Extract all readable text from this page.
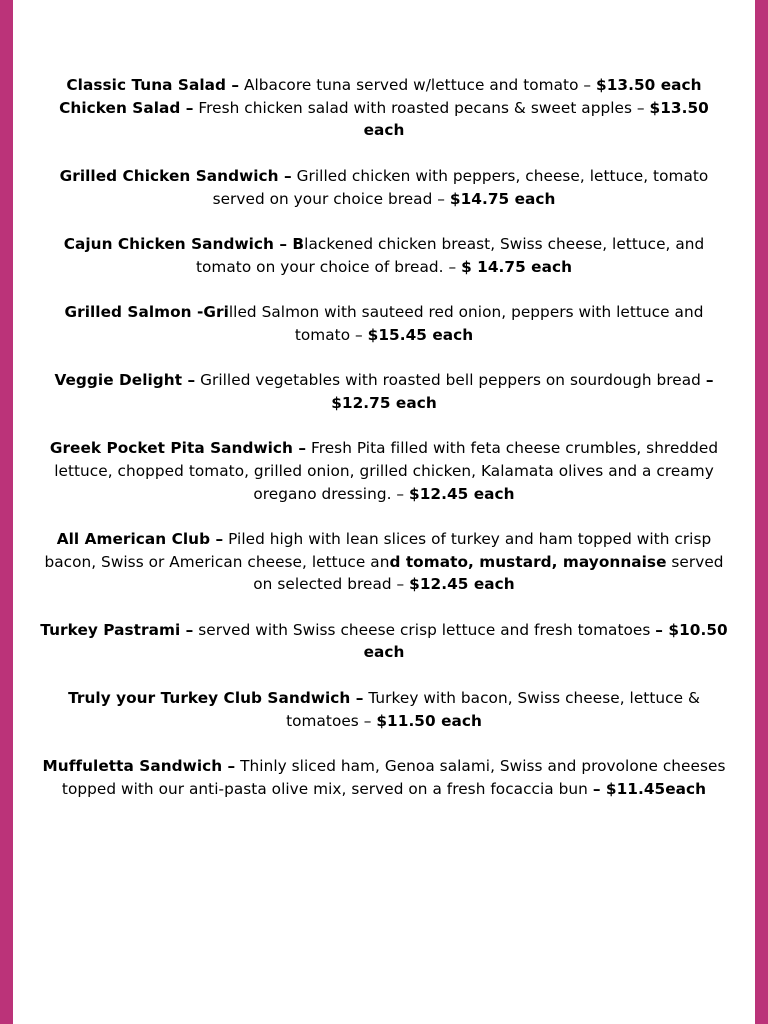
Classic Tuna Salad – Albacore tuna served w/lettuce and tomato – $13.50 each

Chicken Salad – Fresh chicken salad with roasted pecans & sweet apples – $13.50 each

Grilled Chicken Sandwich – Grilled chicken with peppers, cheese, lettuce, tomato served on your choice bread – $14.75 each

Cajun Chicken Sandwich – Blackened chicken breast, Swiss cheese, lettuce, and tomato on your choice of bread. – $ 14.75 each

Grilled Salmon -Grilled Salmon with sauteed red onion, peppers with lettuce and tomato – $15.45 each

Veggie Delight – Grilled vegetables with roasted bell peppers on sourdough bread – $12.75 each

Greek Pocket Pita Sandwich – Fresh Pita filled with feta cheese crumbles, shredded lettuce, chopped tomato, grilled onion, grilled chicken, Kalamata olives and a creamy oregano dressing. – $12.45 each

All American Club – Piled high with lean slices of turkey and ham topped with crisp bacon, Swiss or American cheese, lettuce and tomato, mustard, mayonnaise served on selected bread – $12.45 each

Turkey Pastrami – served with Swiss cheese crisp lettuce and fresh tomatoes – $10.50 each

Truly your Turkey Club Sandwich – Turkey with bacon, Swiss cheese, lettuce & tomatoes – $11.50 each

Muffuletta Sandwich – Thinly sliced ham, Genoa salami, Swiss and provolone cheeses topped with our anti-pasta olive mix, served on a fresh focaccia bun – $11.45each
